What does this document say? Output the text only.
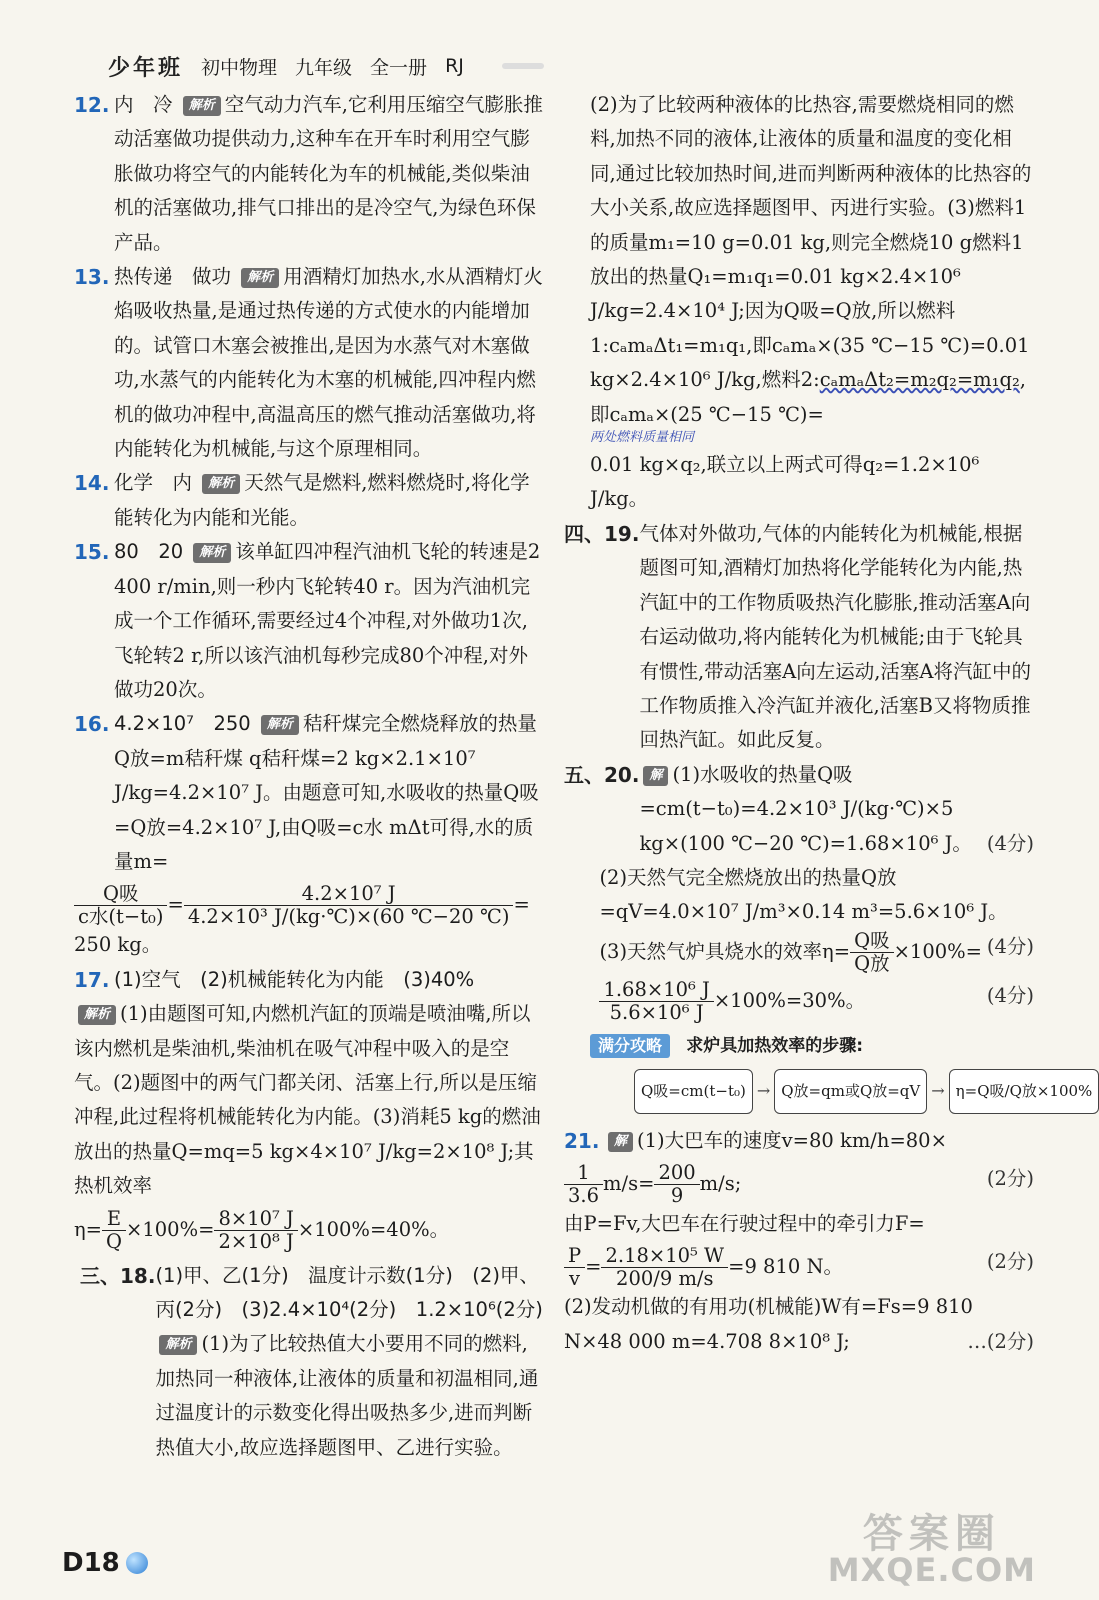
少年班 初中物理 九年级 全一册 RJ
12. 内　冷 解析 空气动力汽车,它利用压缩空气膨胀推动活塞做功提供动力,这种车在开车时利用空气膨胀做功将空气的内能转化为车的机械能,类似柴油机的活塞做功,排气口排出的是冷空气,为绿色环保产品。
13. 热传递　做功 解析 用酒精灯加热水,水从酒精灯火焰吸收热量,是通过热传递的方式使水的内能增加的。试管口木塞会被推出,是因为水蒸气对木塞做功,水蒸气的内能转化为木塞的机械能,四冲程内燃机的做功冲程中,高温高压的燃气推动活塞做功,将内能转化为机械能,与这个原理相同。
14. 化学　内 解析 天然气是燃料,燃料燃烧时,将化学能转化为内能和光能。
15. 80　20 解析 该单缸四冲程汽油机飞轮的转速是2 400 r/min,则一秒内飞轮转40 r。因为汽油机完成一个工作循环,需要经过4个冲程,对外做功1次,飞轮转2 r,所以该汽油机每秒完成80个冲程,对外做功20次。
16. 4.2×10⁷　250 解析 秸秆煤完全燃烧释放的热量Q放=m秸秆煤 q秸秆煤=2 kg×2.1×10⁷ J/kg=4.2×10⁷ J。由题意可知,水吸收的热量Q吸=Q放=4.2×10⁷ J,由Q吸=c水 mΔt可得,水的质量m=
$\frac{\text{Q吸}}{\text{c水(t−t₀)}} = \frac{\text{4.2×10⁷ J}}{\text{4.2×10³ J/(kg·℃)×(60 ℃−20 ℃)}}$ =
250 kg。
17. (1)空气　(2)机械能转化为内能　(3)40%
解析 (1)由题图可知,内燃机汽缸的顶端是喷油嘴,所以该内燃机是柴油机,柴油机在吸气冲程中吸入的是空气。(2)题图中的两气门都关闭、活塞上行,所以是压缩冲程,此过程将机械能转化为内能。(3)消耗5 kg的燃油放出的热量Q=mq=5 kg×4×10⁷ J/kg=2×10⁸ J;其热机效率
$\eta= \frac{E}{Q} \times 100\%= \frac{\text{8×10⁷ J}}{\text{2×10⁸ J}} \times 100\%=40\%$。
三、18. (1)甲、乙(1分)　温度计示数(1分)　(2)甲、丙(2分)　(3)2.4×10⁴(2分)　1.2×10⁶(2分) 解析 (1)为了比较热值大小要用不同的燃料,加热同一种液体,让液体的质量和初温相同,通过温度计的示数变化得出吸热多少,进而判断热值大小,故应选择题图甲、乙进行实验。
(2)为了比较两种液体的比热容,需要燃烧相同的燃料,加热不同的液体,让液体的质量和温度的变化相同,通过比较加热时间,进而判断两种液体的比热容的大小关系,故应选择题图甲、丙进行实验。(3)燃料1的质量m₁=10 g=0.01 kg,则完全燃烧10 g燃料1放出的热量Q₁=m₁q₁=0.01 kg×2.4×10⁶ J/kg=2.4×10⁴ J;因为Q吸=Q放,所以燃料1:cₐmₐΔt₁=m₁q₁,即cₐmₐ×(35 ℃−15 ℃)=0.01 kg×2.4×10⁶ J/kg,燃料2:cₐmₐΔt₂=m₂q₂=m₁q₂,即cₐmₐ×(25 ℃−15 ℃)=
两处燃料质量相同
0.01 kg×q₂,联立以上两式可得q₂=1.2×10⁶ J/kg。
四、19. 气体对外做功,气体的内能转化为机械能,根据题图可知,酒精灯加热将化学能转化为内能,热汽缸中的工作物质吸热汽化膨胀,推动活塞A向右运动做功,将内能转化为机械能;由于飞轮具有惯性,带动活塞A向左运动,活塞A将汽缸中的工作物质推入冷汽缸并液化,活塞B又将物质推回热汽缸。如此反复。
五、20. 解 (1)水吸收的热量Q吸=cm(t−t₀)=4.2×10³ J/(kg·℃)×5 kg×(100 ℃−20 ℃)=1.68×10⁶ J。 (4分)
(2)天然气完全燃烧放出的热量Q放=qV=4.0×10⁷ J/m³×0.14 m³=5.6×10⁶ J。
(4分)
(3)天然气炉具烧水的效率$\eta= \frac{\text{Q吸}}{\text{Q放}} \times 100\%=$
$\frac{\text{1.68×10⁶ J}}{\text{5.6×10⁶ J}} \times 100\%=30\%$。	(4分)
满分攻略 求炉具加热效率的步骤:
Q吸=cm(t−t₀) → Q放=qm或Q放=qV → η=Q吸/Q放×100%
21.	解 (1)大巴车的速度v=80 km/h=80×
$\frac{1}{3.6} m/s= \frac{200}{9} m/s$;	(2分)
由P=Fv,大巴车在行驶过程中的牵引力F=
$\frac{P}{v} = \frac{\text{2.18×10⁵ W}}{200/9 m/s} =9$ 810 N。	(2分)
(2)发动机做的有用功(机械能)W有=Fs=9 810 N×48 000 m=4.708 8×10⁸ J;	…(2分)
D18
答案圈
MXQE.COM
